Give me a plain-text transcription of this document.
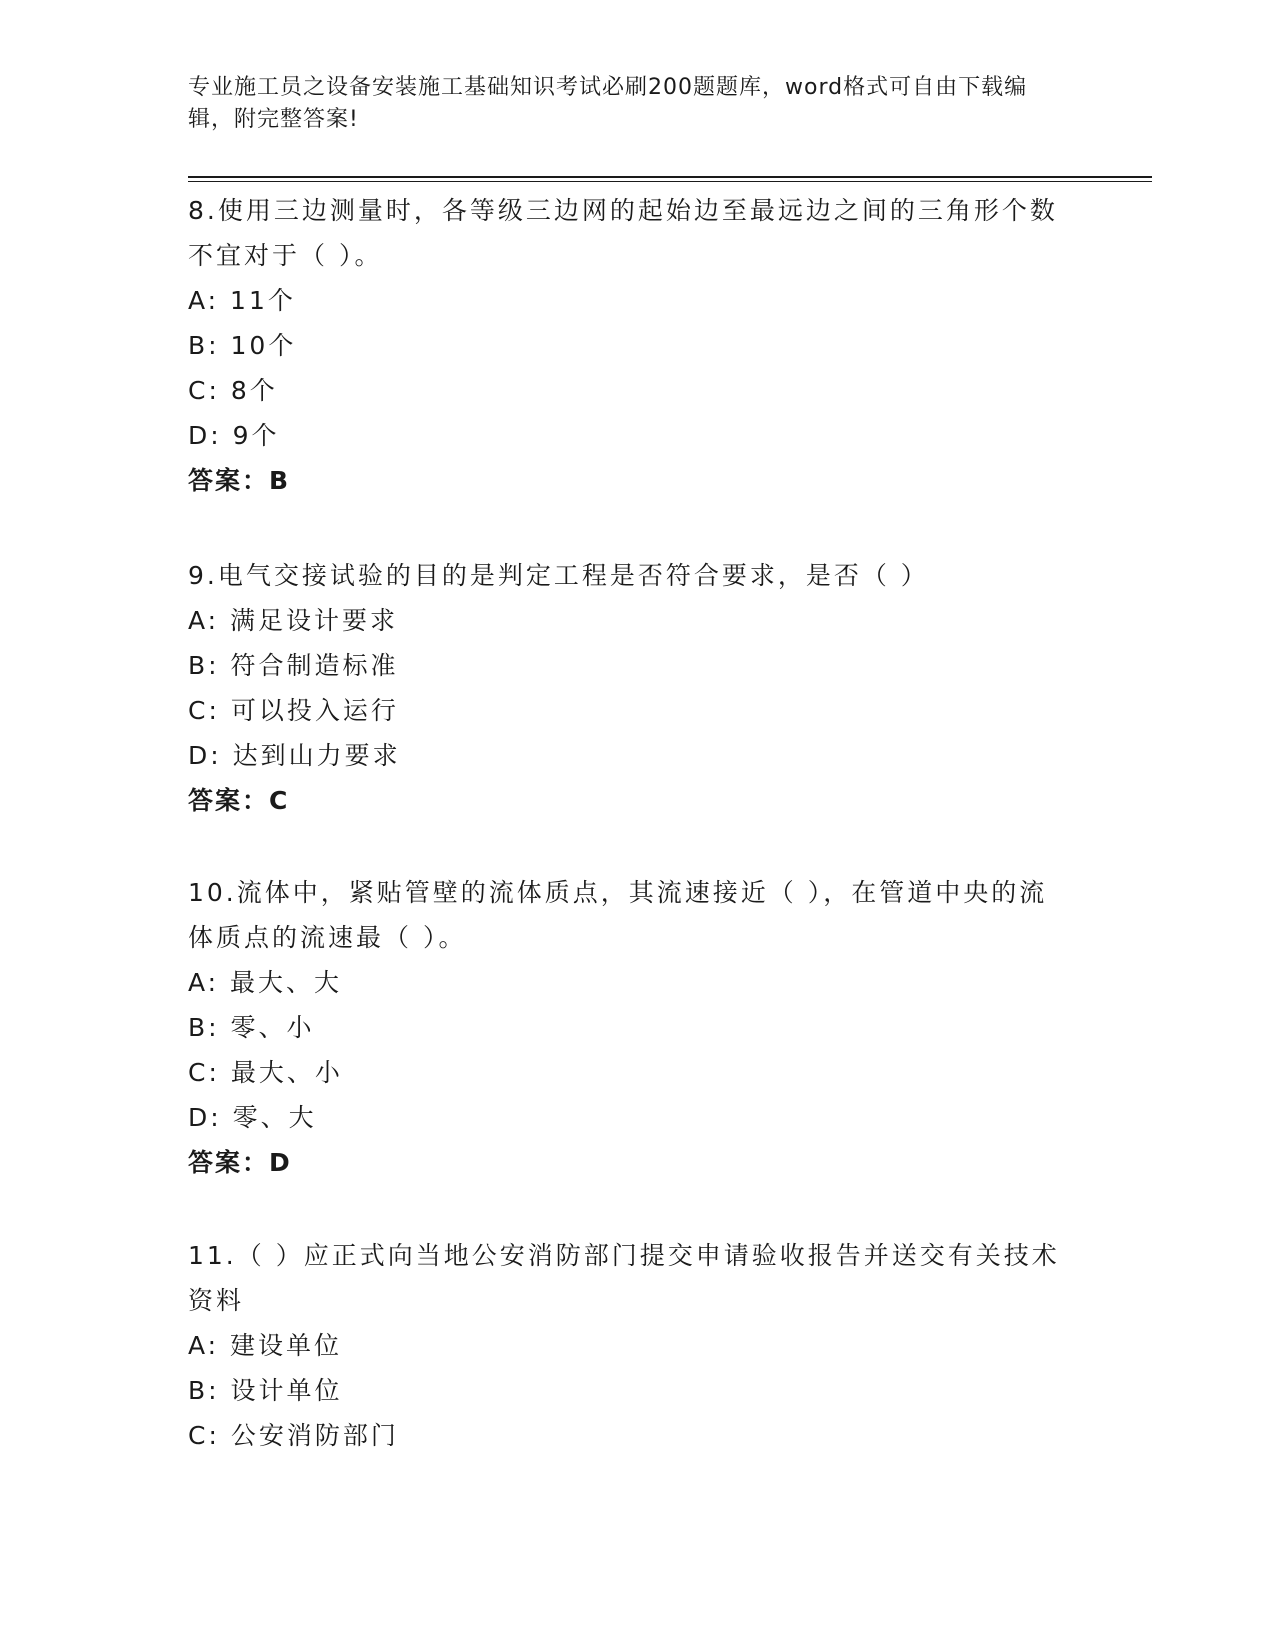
专业施工员之设备安装施工基础知识考试必刷200题题库，word格式可自由下载编辑，附完整答案!

8.使用三边测量时，各等级三边网的起始边至最远边之间的三角形个数不宜对于（ ）。

A: 11个

B: 10个

C: 8个

D: 9个

答案：B

9.电气交接试验的目的是判定工程是否符合要求，是否（ ）

A: 满足设计要求

B: 符合制造标准

C: 可以投入运行

D: 达到山力要求

答案：C

10.流体中，紧贴管壁的流体质点，其流速接近（ ），在管道中央的流体质点的流速最（ ）。

A: 最大、大

B: 零、小

C: 最大、小

D: 零、大

答案：D

11.（ ）应正式向当地公安消防部门提交申请验收报告并送交有关技术资料

A: 建设单位

B: 设计单位

C: 公安消防部门
